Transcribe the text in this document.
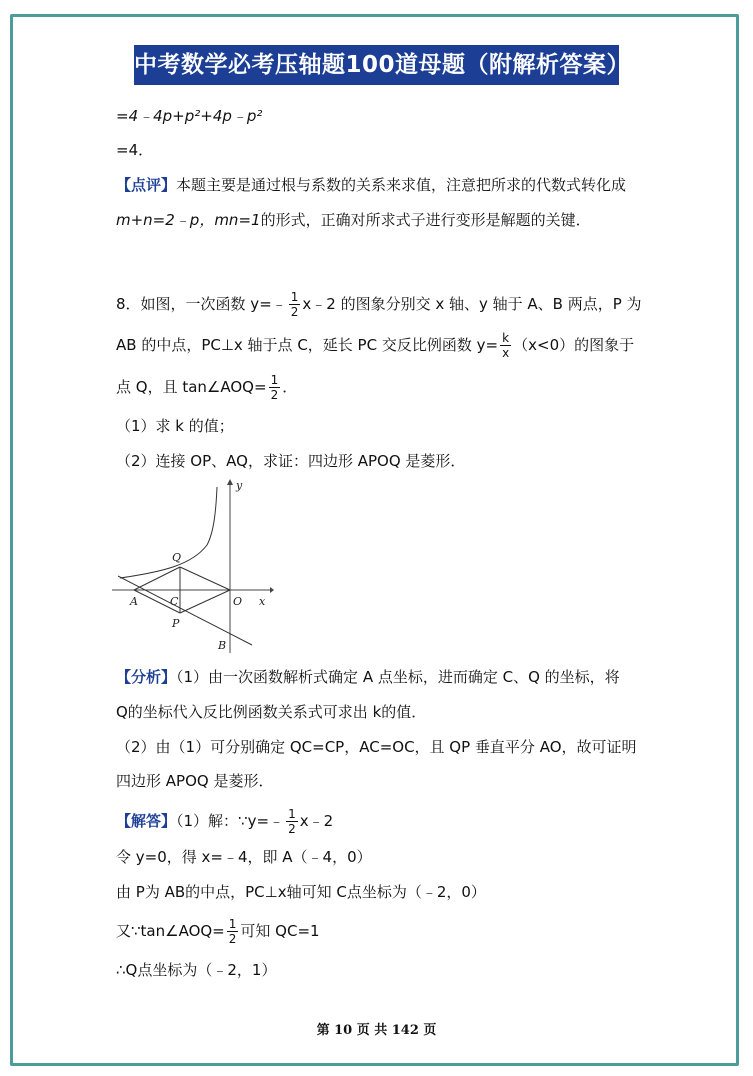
中考数学必考压轴题100道母题（附解析答案）
=4﹣4p+p²+4p﹣p²
=4．
【点评】本题主要是通过根与系数的关系来求值，注意把所求的代数式转化成
m+n=2﹣p，mn=1的形式，正确对所求式子进行变形是解题的关键．
8．如图，一次函数 y=﹣ $\frac{1}{2}$ x﹣2 的图象分别交 x 轴、y 轴于 A、B 两点，P 为
AB 的中点，PC⊥x 轴于点 C，延长 PC 交反比例函数 $y= \frac{k}{x} (x<0)$的图象于
点 Q，且 tan∠AOQ= $\frac{1}{2}$ ．
（1）求 k 的值；
（2）连接 OP、AQ，求证：四边形 APOQ 是菱形．
y
Q
A	C	O x
P
B
【分析】（1）由一次函数解析式确定 A 点坐标，进而确定 C、Q 的坐标，将
Q的坐标代入反比例函数关系式可求出 k的值．
（2）由（1）可分别确定 QC=CP，AC=OC，且 QP 垂直平分 AO，故可证明
四边形 APOQ 是菱形．
【解答】（1）解：∵y=﹣ $\frac{1}{2}$ x﹣2
令 y=0，得 x=﹣4，即 A（﹣4，0）
由 P为 AB的中点，PC⊥x轴可知 C点坐标为（﹣2，0）
又∵tan∠AOQ= $\frac{1}{2}$ 可知 QC=1
∴Q点坐标为（﹣2，1）
第 10 页 共 142 页
